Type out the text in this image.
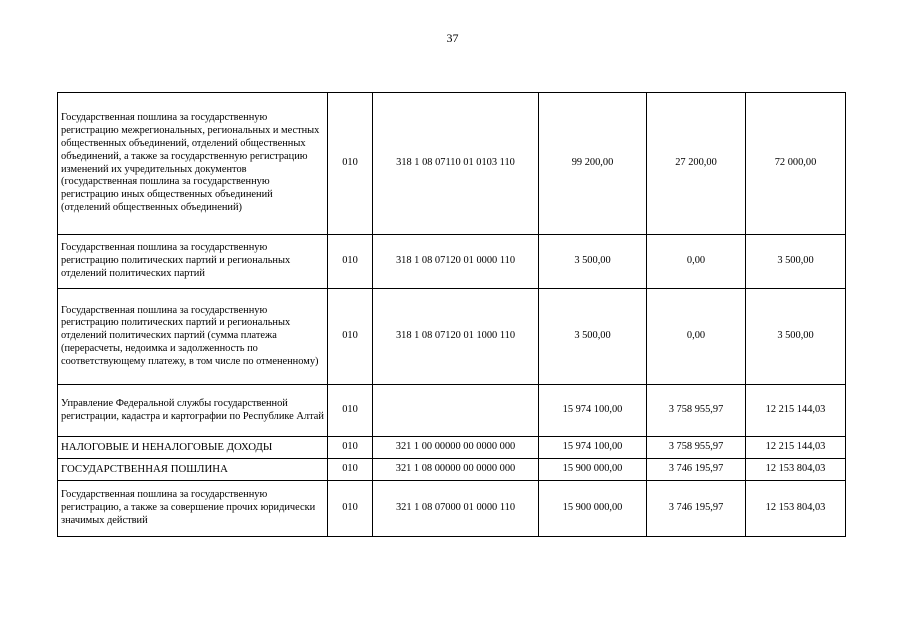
37
Государственная пошлина за государственную регистрацию межрегиональных, региональных и местных общественных объединений, отделений общественных объединений, а также за государственную регистрацию изменений их учредительных документов (государственная пошлина за государственную регистрацию иных общественных объединений (отделений общественных объединений)	010	318 1 08 07110 01 0103 110	99 200,00	27 200,00	72 000,00
Государственная пошлина за государственную регистрацию политических партий и региональных отделений политических партий	010	318 1 08 07120 01 0000 110	3 500,00	0,00	3 500,00
Государственная пошлина за государственную регистрацию политических партий и региональных отделений политических партий (сумма платежа (перерасчеты, недоимка и задолженность по соответствующему платежу, в том числе по отмененному)	010	318 1 08 07120 01 1000 110	3 500,00	0,00	3 500,00
Управление Федеральной службы государственной регистрации, кадастра и картографии по Республике Алтай	010		15 974 100,00	3 758 955,97	12 215 144,03
НАЛОГОВЫЕ И НЕНАЛОГОВЫЕ ДОХОДЫ	010	321 1 00 00000 00 0000 000	15 974 100,00	3 758 955,97	12 215 144,03
ГОСУДАРСТВЕННАЯ ПОШЛИНА	010	321 1 08 00000 00 0000 000	15 900 000,00	3 746 195,97	12 153 804,03
Государственная пошлина за государственную регистрацию, а также за совершение прочих юридически значимых действий	010	321 1 08 07000 01 0000 110	15 900 000,00	3 746 195,97	12 153 804,03
